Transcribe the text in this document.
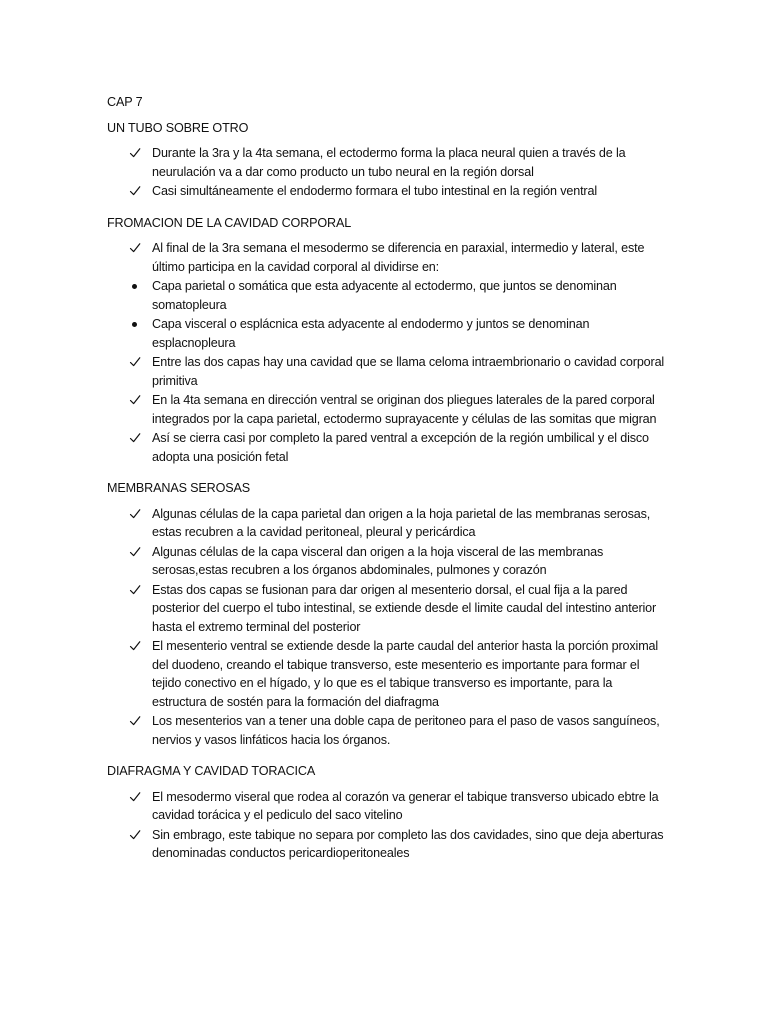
CAP 7
UN TUBO SOBRE OTRO
Durante la 3ra y la 4ta semana, el ectodermo forma la placa neural quien a través de la neurulación va a dar como producto un tubo neural en la región dorsal
Casi simultáneamente el endodermo formara el tubo intestinal en la región ventral
FROMACION DE LA CAVIDAD CORPORAL
Al final de la 3ra semana el mesodermo se diferencia en paraxial, intermedio y lateral, este último participa en la cavidad corporal al dividirse en:
Capa parietal o somática que esta adyacente al ectodermo, que juntos se denominan somatopleura
Capa visceral o esplácnica esta adyacente al endodermo y juntos se denominan esplacnopleura
Entre las dos capas hay una cavidad que se llama celoma intraembrionario o cavidad corporal primitiva
En la 4ta semana en dirección ventral se originan dos pliegues laterales de la pared corporal integrados por la capa parietal, ectodermo suprayacente y células de las somitas que migran
Así se cierra casi por completo la pared ventral a excepción de la región umbilical y el disco adopta una posición fetal
MEMBRANAS SEROSAS
Algunas células de la capa parietal dan origen a la hoja parietal de las membranas serosas, estas recubren a la cavidad peritoneal, pleural y pericárdica
Algunas células de la capa visceral dan origen a la hoja visceral de las membranas serosas,estas recubren a los órganos abdominales, pulmones y corazón
Estas dos capas se fusionan para dar origen al mesenterio dorsal, el cual fija a la pared posterior del cuerpo el tubo intestinal, se extiende desde el limite caudal del intestino anterior hasta el extremo terminal del posterior
El mesenterio ventral se extiende desde la parte caudal del anterior hasta la porción proximal del duodeno, creando el tabique transverso, este mesenterio es importante para formar el tejido conectivo en el hígado, y lo que es el tabique transverso es importante, para la estructura de sostén para la formación del diafragma
Los mesenterios van a tener una doble capa de peritoneo para el paso de vasos sanguíneos, nervios y vasos linfáticos hacia los órganos.
DIAFRAGMA Y CAVIDAD TORACICA
El mesodermo viseral que rodea al corazón va generar el tabique transverso ubicado ebtre la cavidad torácica y el pediculo del saco vitelino
Sin embrago, este tabique no separa por completo las dos cavidades, sino que deja aberturas denominadas conductos pericardioperitoneales
